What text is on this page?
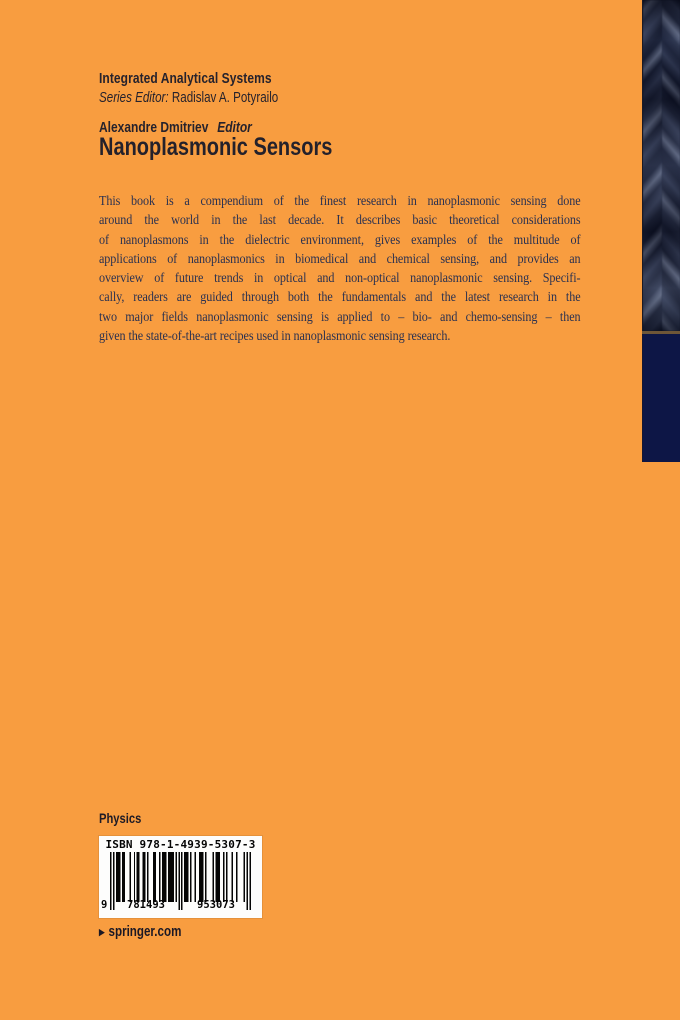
Integrated Analytical Systems
Series Editor: Radislav A. Potyrailo
Alexandre Dmitriev Editor
Nanoplasmonic Sensors
This book is a compendium of the finest research in nanoplasmonic sensing done
around the world in the last decade. It describes basic theoretical considerations
of nanoplasmons in the dielectric environment, gives examples of the multitude of
applications of nanoplasmonics in biomedical and chemical sensing, and provides an
overview of future trends in optical and non-optical nanoplasmonic sensing. Specifi-
cally, readers are guided through both the fundamentals and the latest research in the
two major fields nanoplasmonic sensing is applied to – bio- and chemo-sensing – then
given the state-of-the-art recipes used in nanoplasmonic sensing research.
Physics
ISBN 978-1-4939-5307-3
9	781493	953073
▶ springer.com
